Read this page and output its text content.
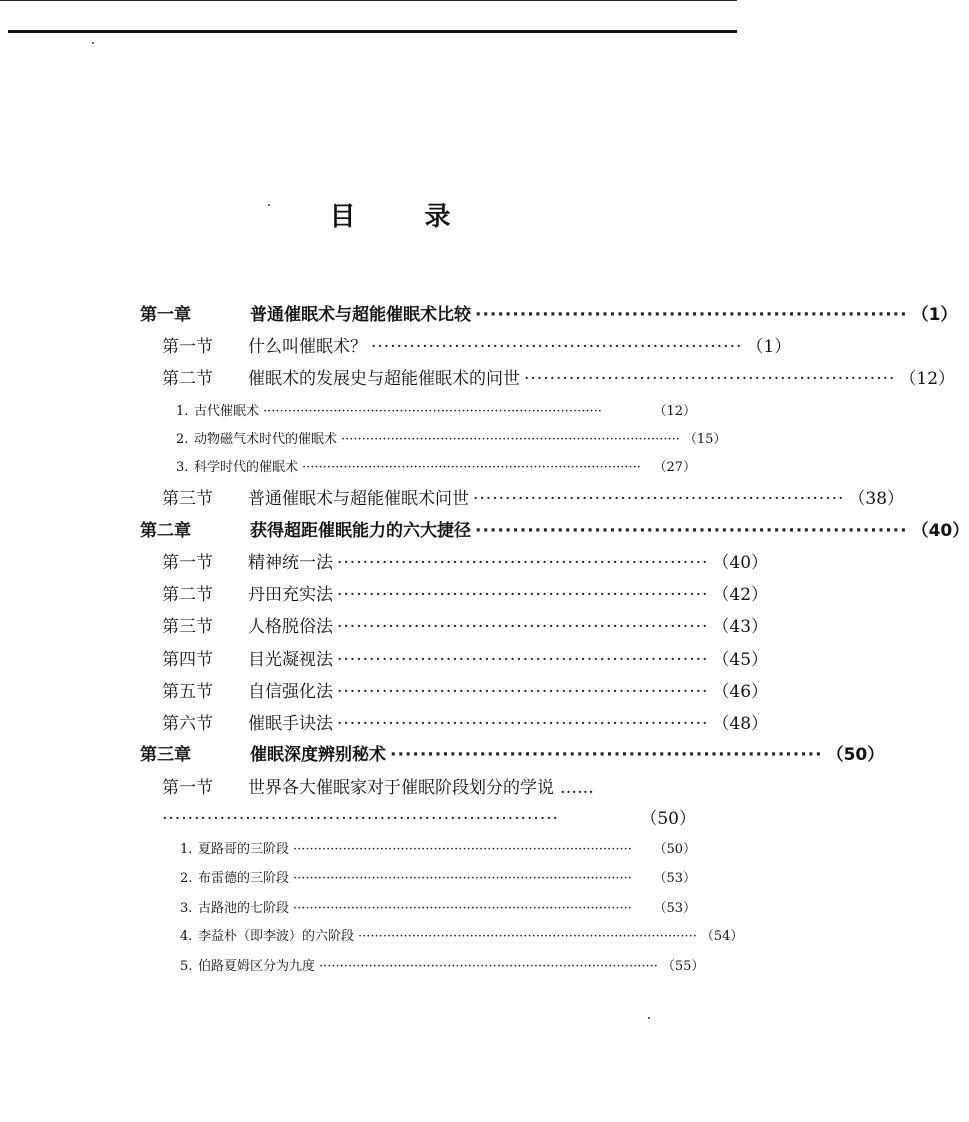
目 录
第一章	普通催眠术与超能催眠术比较 ·························································· （1）
第一节	什么叫催眠术？ ·························································· （1）
第二节	催眠术的发展史与超能催眠术的问世 ·························································· （12）
1. 古代催眠术 ··················································································	（12）
2. 动物磁气术时代的催眠术 ·················································································· （15）
3. 科学时代的催眠术 ·················································································· （27）
第三节	普通催眠术与超能催眠术问世 ·························································· （38）
第二章	获得超距催眠能力的六大捷径 ·························································· （40）
第一节	精神统一法 ·························································· （40）
第二节	丹田充实法 ·························································· （42）
第三节	人格脱俗法 ·························································· （43）
第四节	目光凝视法 ·························································· （45）
第五节	自信强化法 ·························································· （46）
第六节	催眠手诀法 ·························································· （48）
第三章	催眠深度辨别秘术 ·························································· （50）
第一节	世界各大催眠家对于催眠阶段划分的学说 ……
······························································	（50）
1. 夏路哥的三阶段 ··················································································	（50）
2. 布雷德的三阶段 ··················································································	（53）
3. 古路池的七阶段 ··················································································	（53）
4. 李益朴（即李波）的六阶段 ·················································································· （54）
5. 伯路夏姆区分为九度 ·················································································· （55）
